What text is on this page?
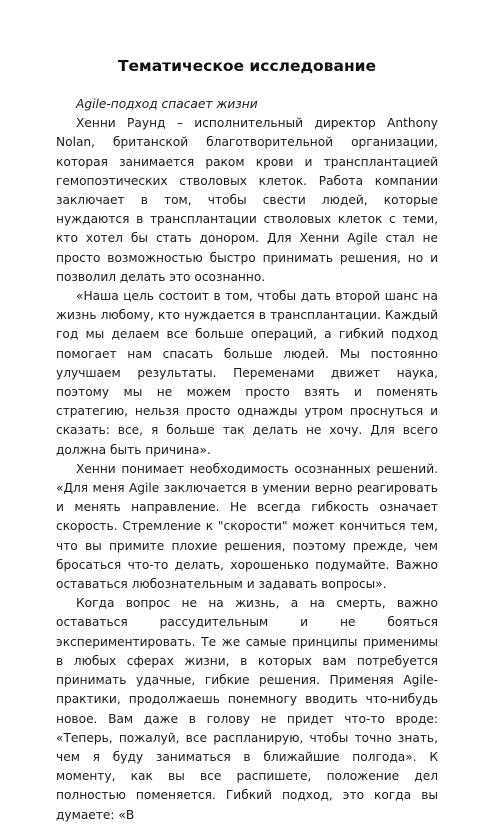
Тематическое исследование

Agile-подход спасает жизни

Хенни Раунд – исполнительный директор Anthony Nolan, британской благотворительной организации, которая занимается раком крови и трансплантацией гемопоэтических стволовых клеток. Работа компании заключает в том, чтобы свести людей, которые нуждаются в трансплантации стволовых клеток с теми, кто хотел бы стать донором. Для Хенни Agile стал не просто возможностью быстро принимать решения, но и позволил делать это осознанно.

«Наша цель состоит в том, чтобы дать второй шанс на жизнь любому, кто нуждается в трансплантации. Каждый год мы делаем все больше операций, а гибкий подход помогает нам спасать больше людей. Мы постоянно улучшаем результаты. Переменами движет наука, поэтому мы не можем просто взять и поменять стратегию, нельзя просто однажды утром проснуться и сказать: все, я больше так делать не хочу. Для всего должна быть причина».

Хенни понимает необходимость осознанных решений. «Для меня Agile заключается в умении верно реагировать и менять направление. Не всегда гибкость означает скорость. Стремление к "скорости" может кончиться тем, что вы примите плохие решения, поэтому прежде, чем бросаться что-то делать, хорошенько подумайте. Важно оставаться любознательным и задавать вопросы».

Когда вопрос не на жизнь, а на смерть, важно оставаться рассудительным и не бояться экспериментировать. Те же самые принципы применимы в любых сферах жизни, в которых вам потребуется принимать удачные, гибкие решения. Применяя Agile-практики, продолжаешь понемногу вводить что-нибудь новое. Вам даже в голову не придет что-то вроде: «Теперь, пожалуй, все распланирую, чтобы точно знать, чем я буду заниматься в ближайшие полгода». К моменту, как вы все распишете, положение дел полностью поменяется. Гибкий подход, это когда вы думаете: «В
